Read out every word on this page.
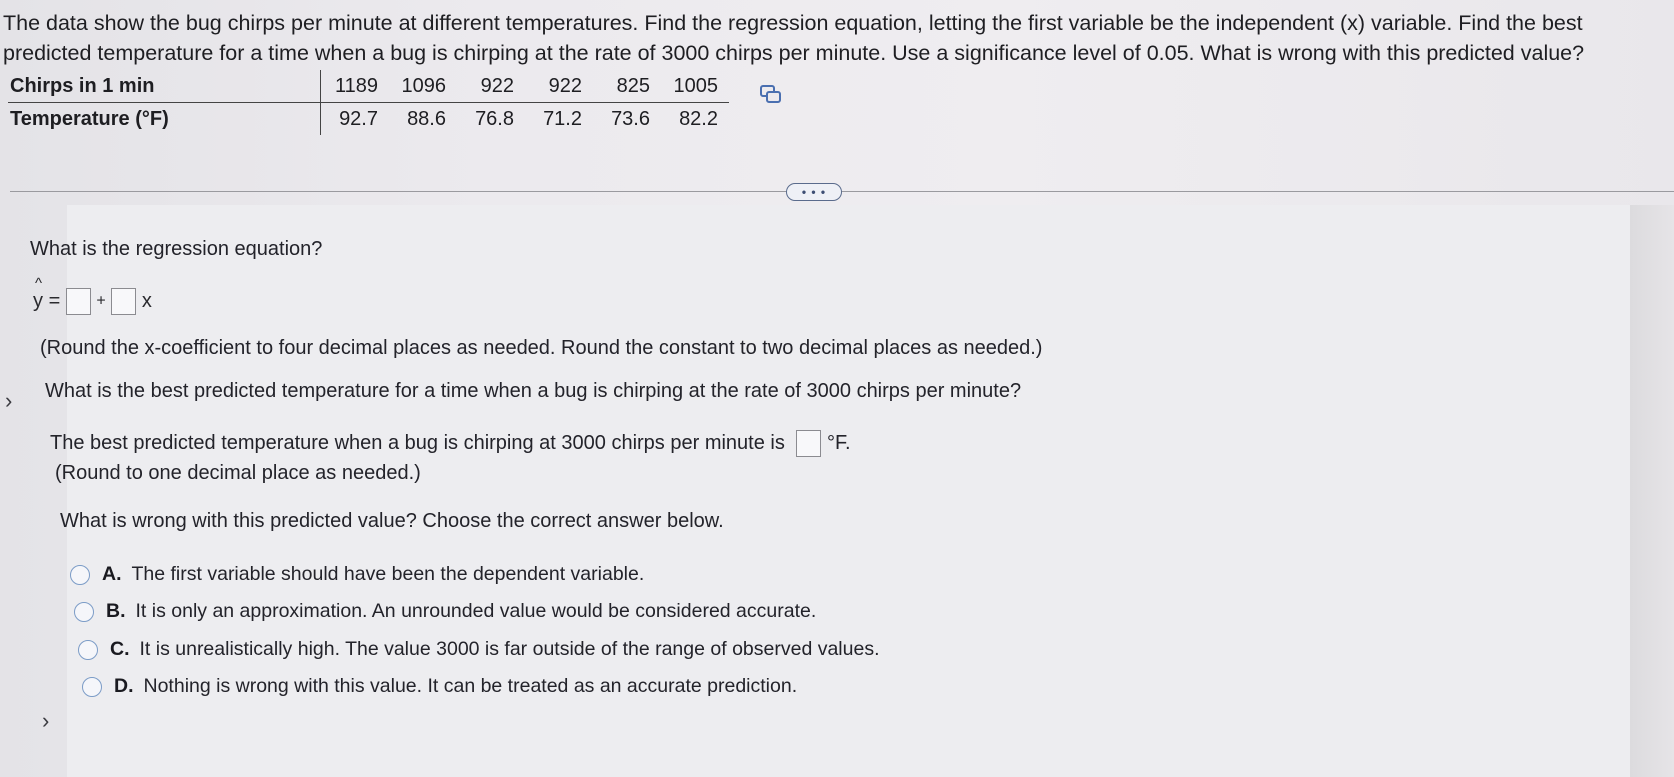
The data show the bug chirps per minute at different temperatures. Find the regression equation, letting the first variable be the independent (x) variable. Find the best
predicted temperature for a time when a bug is chirping at the rate of 3000 chirps per minute. Use a significance level of 0.05. What is wrong with this predicted value?
Chirps in 1 min		1189	1096	922	922	825	1005
Temperature (°F)		92.7	88.6	76.8	71.2	73.6	82.2
• • •
What is the regression equation?
^
y = + x
(Round the x-coefficient to four decimal places as needed. Round the constant to two decimal places as needed.)
What is the best predicted temperature for a time when a bug is chirping at the rate of 3000 chirps per minute?
›
The best predicted temperature when a bug is chirping at 3000 chirps per minute is °F.
(Round to one decimal place as needed.)
What is wrong with this predicted value? Choose the correct answer below.
A. The first variable should have been the dependent variable.
B. It is only an approximation. An unrounded value would be considered accurate.
C. It is unrealistically high. The value 3000 is far outside of the range of observed values.
D. Nothing is wrong with this value. It can be treated as an accurate prediction.
›
